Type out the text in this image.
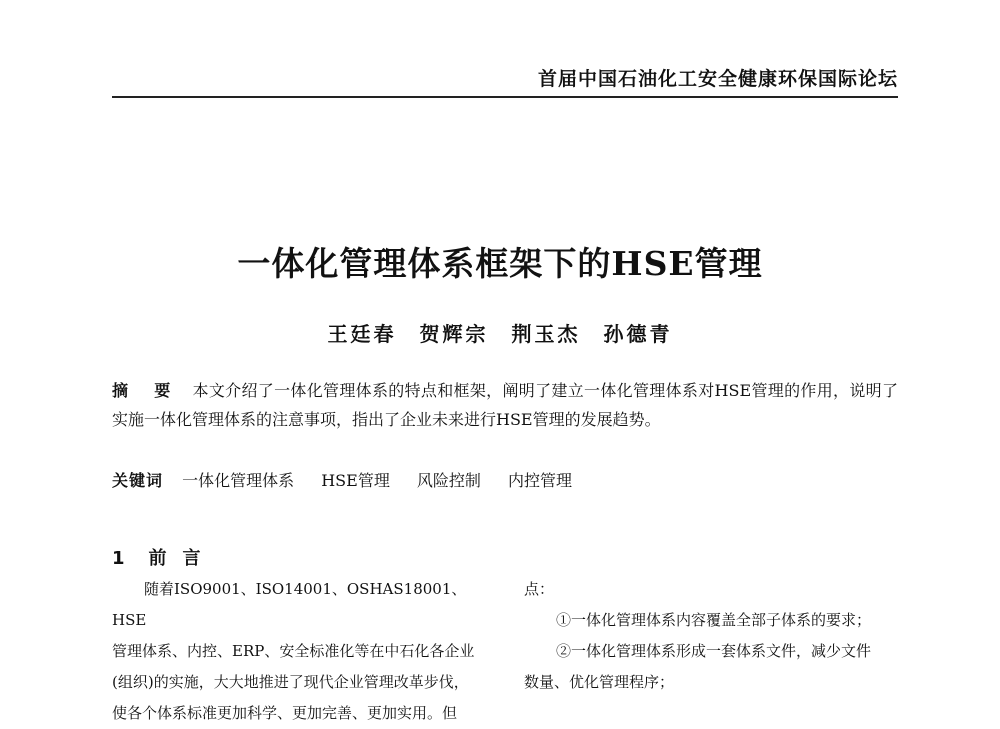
首届中国石油化工安全健康环保国际论坛
一体化管理体系框架下的HSE管理
王廷春 贺辉宗 荆玉杰 孙德青
摘 要 本文介绍了一体化管理体系的特点和框架，阐明了建立一体化管理体系对HSE管理的作用，说明了实施一体化管理体系的注意事项，指出了企业未来进行HSE管理的发展趋势。
关键词 一体化管理体系 HSE管理 风险控制 内控管理
1 前言

随着ISO9001、ISO14001、OSHAS18001、HSE

管理体系、内控、ERP、安全标准化等在中石化各企业

(组织)的实施，大大地推进了现代企业管理改革步伐，

使各个体系标准更加科学、更加完善、更加实用。但

点：

①一体化管理体系内容覆盖全部子体系的要求；

②一体化管理体系形成一套体系文件，减少文件

数量、优化管理程序；
